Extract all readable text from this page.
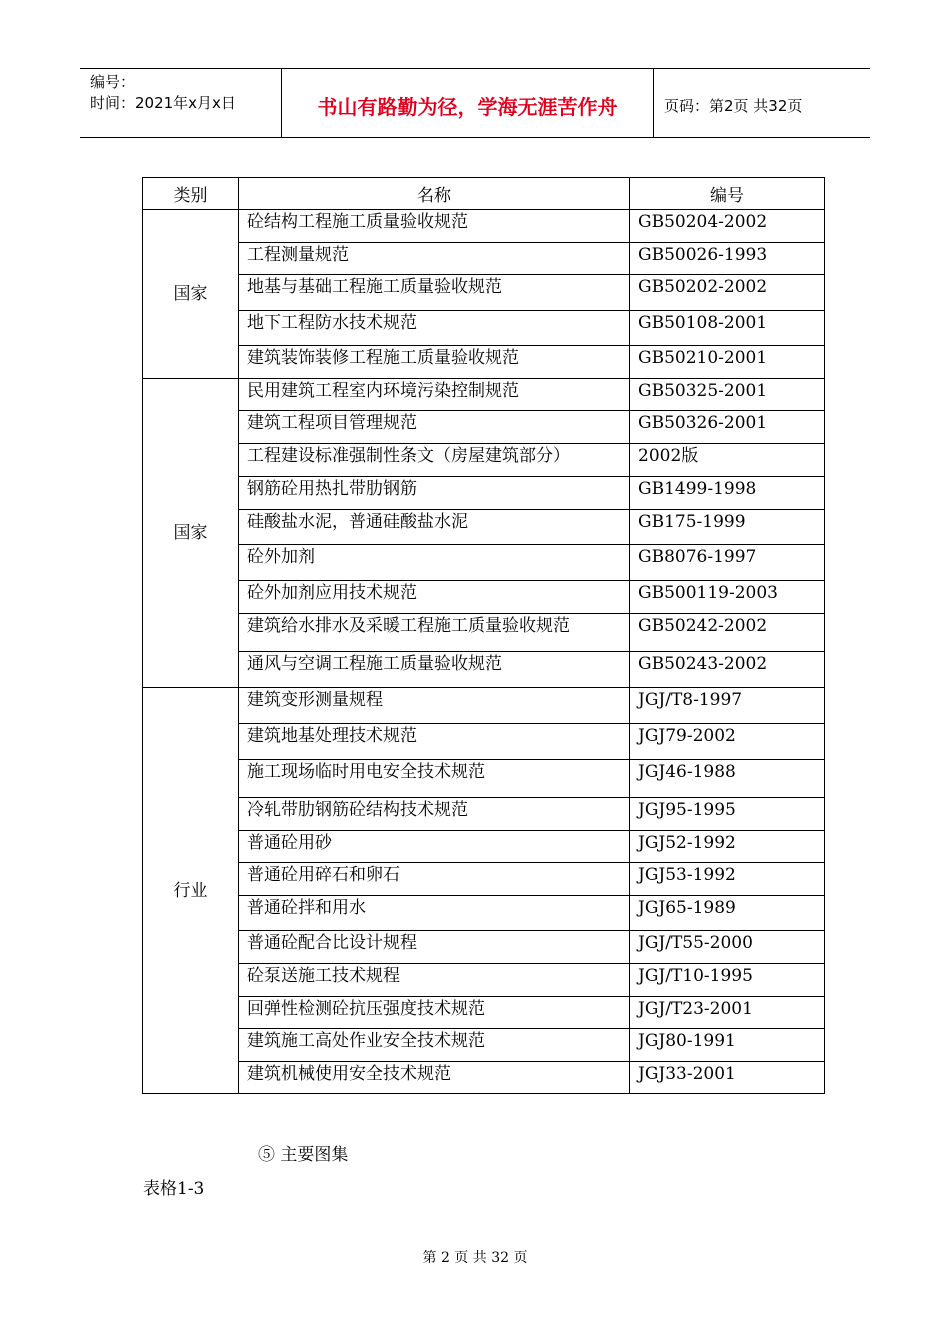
编号：
时间：2021年x月x日	书山有路勤为径，学海无涯苦作舟	页码：第2页 共32页
类别	名称	编号
国家	砼结构工程施工质量验收规范	GB50204-2002
	工程测量规范	GB50026-1993
	地基与基础工程施工质量验收规范	GB50202-2002
	地下工程防水技术规范	GB50108-2001
	建筑装饰装修工程施工质量验收规范	GB50210-2001
国家	民用建筑工程室内环境污染控制规范	GB50325-2001
	建筑工程项目管理规范	GB50326-2001
	工程建设标准强制性条文（房屋建筑部分）	2002版
	钢筋砼用热扎带肋钢筋	GB1499-1998
	硅酸盐水泥，普通硅酸盐水泥	GB175-1999
	砼外加剂	GB8076-1997
	砼外加剂应用技术规范	GB500119-2003
	建筑给水排水及采暖工程施工质量验收规范	GB50242-2002
	通风与空调工程施工质量验收规范	GB50243-2002
行业	建筑变形测量规程	JGJ/T8-1997
	建筑地基处理技术规范	JGJ79-2002
	施工现场临时用电安全技术规范	JGJ46-1988
	冷轧带肋钢筋砼结构技术规范	JGJ95-1995
	普通砼用砂	JGJ52-1992
	普通砼用碎石和卵石	JGJ53-1992
	普通砼拌和用水	JGJ65-1989
	普通砼配合比设计规程	JGJ/T55-2000
	砼泵送施工技术规程	JGJ/T10-1995
	回弹性检测砼抗压强度技术规范	JGJ/T23-2001
	建筑施工高处作业安全技术规范	JGJ80-1991
	建筑机械使用安全技术规范	JGJ33-2001
⑤ 主要图集
表格1-3
第 2 页 共 32 页
